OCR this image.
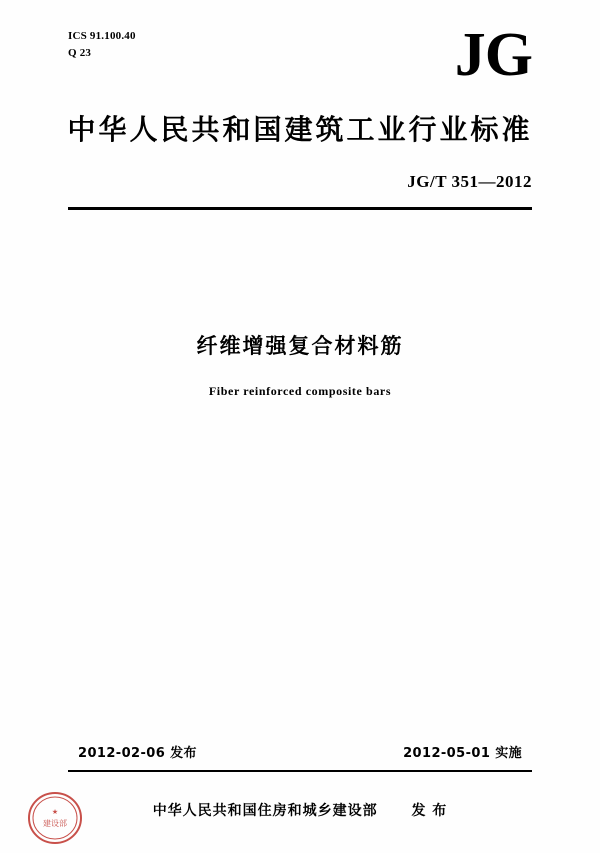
ICS 91.100.40
Q 23	JG
中华人民共和国建筑工业行业标准
JG/T 351—2012
纤维增强复合材料筋
Fiber reinforced composite bars
2012-02-06 发布	2012-05-01 实施
中华人民共和国住房和城乡建设部 发 布
★
建设部
